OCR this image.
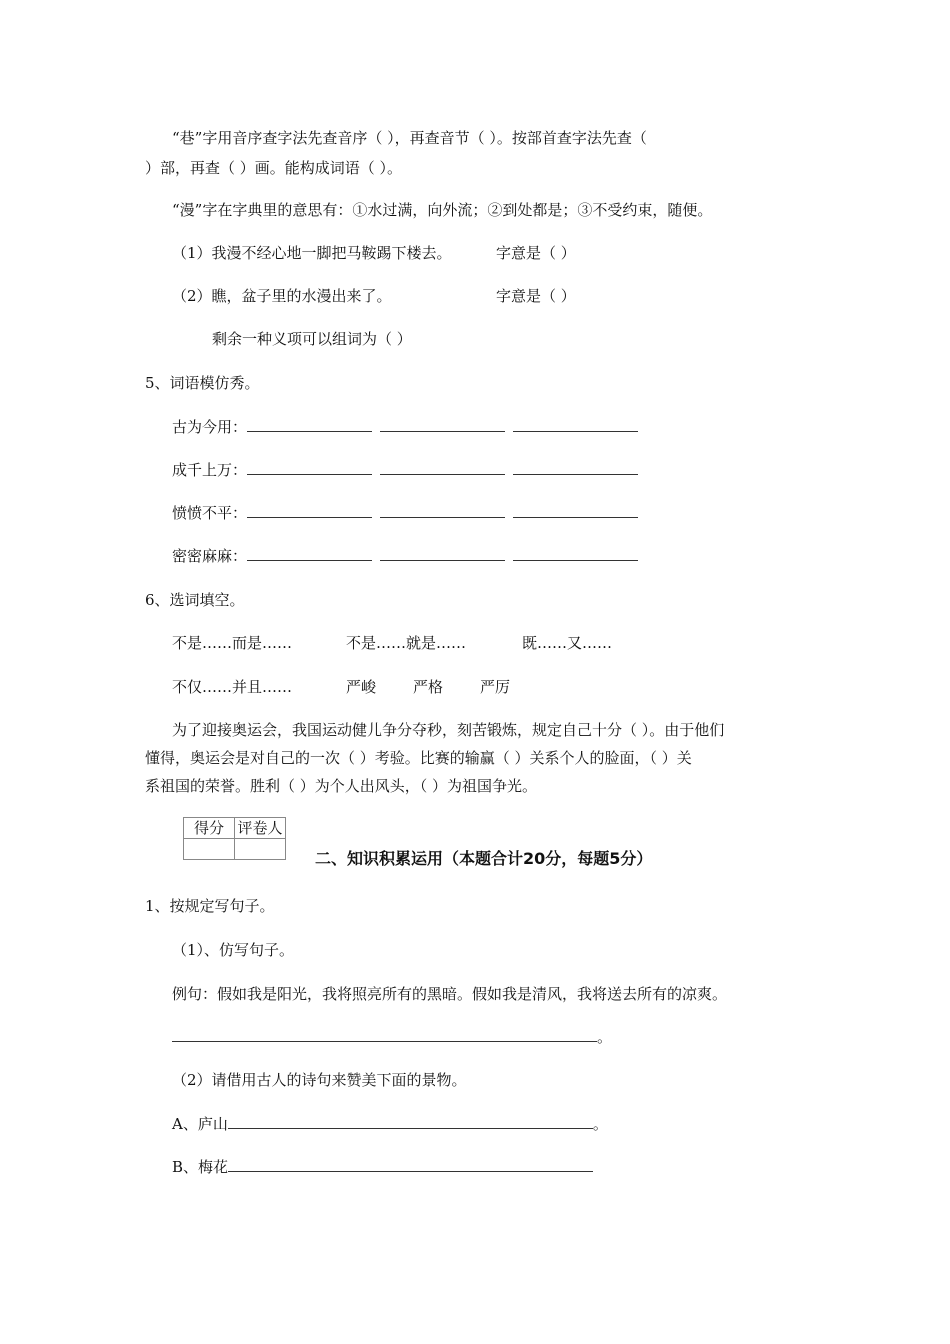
“巷”字用音序查字法先查音序（ ），再查音节（ ）。按部首查字法先查（
）部，再查（ ）画。能构成词语（ ）。
“漫”字在字典里的意思有：①水过满，向外流；②到处都是；③不受约束，随便。
（1）我漫不经心地一脚把马鞍踢下楼去。	字意是（ ）
（2）瞧，盆子里的水漫出来了。	字意是（ ）
剩余一种义项可以组词为（ ）
5、词语模仿秀。
古为今用：
成千上万：
愤愤不平：
密密麻麻：
6、选词填空。
不是……而是……	不是……就是……	既……又……
不仅……并且……	严峻 严格 严厉
为了迎接奥运会，我国运动健儿争分夺秒，刻苦锻炼，规定自己十分（ ）。由于他们
懂得，奥运会是对自己的一次（ ）考验。比赛的输赢（ ）关系个人的脸面，（ ）关
系祖国的荣誉。胜利（ ）为个人出风头，（ ）为祖国争光。
得分	评卷人

二、知识积累运用（本题合计20分，每题5分）
1、按规定写句子。
（1）、仿写句子。
例句：假如我是阳光，我将照亮所有的黑暗。假如我是清风，我将送去所有的凉爽。
。
（2）请借用古人的诗句来赞美下面的景物。
A、庐山	。
B、梅花
